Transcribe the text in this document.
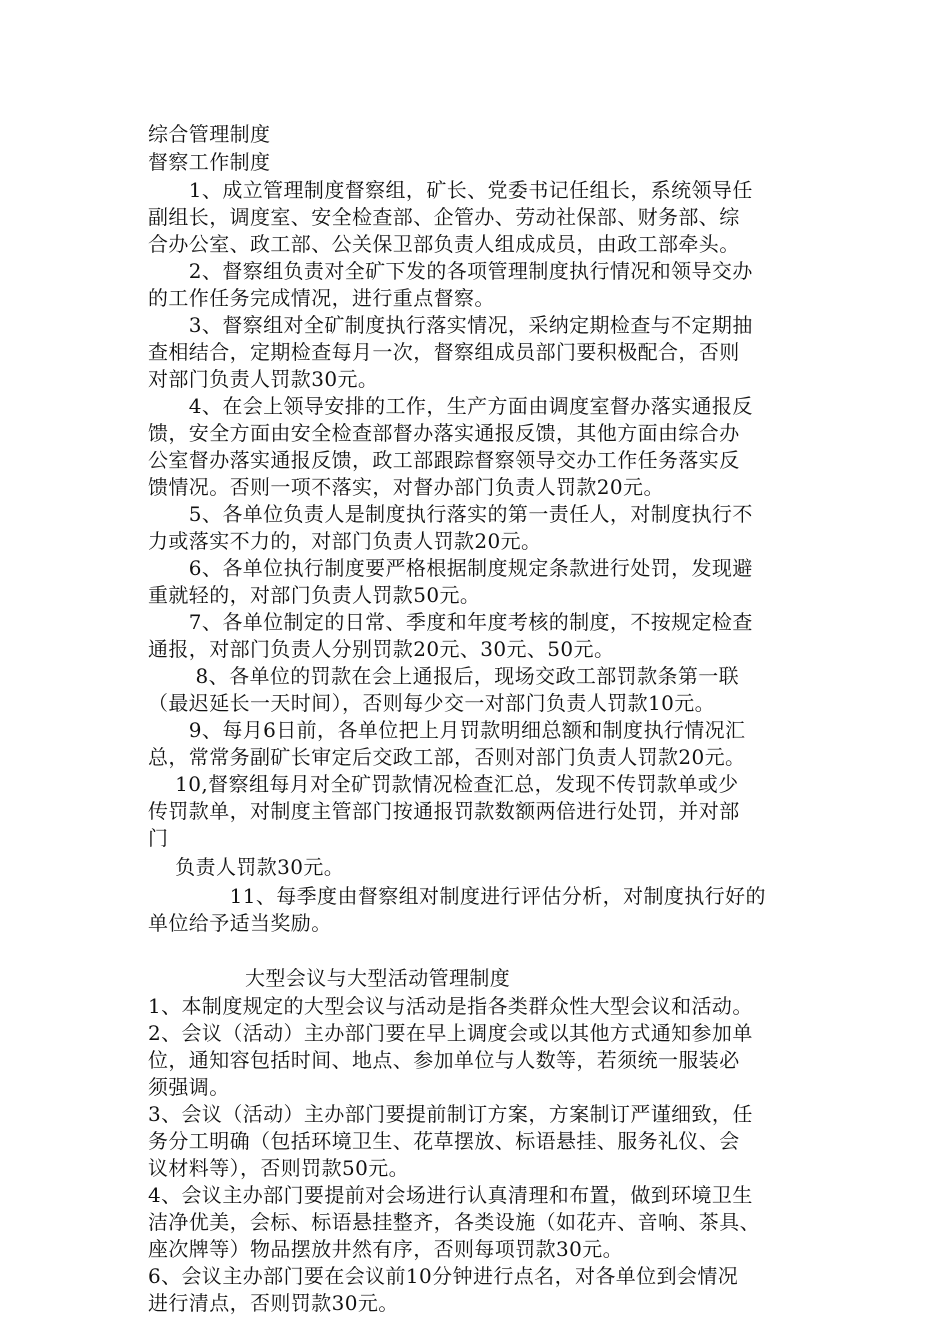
综合管理制度
督察工作制度
　　1、成立管理制度督察组，矿长、党委书记任组长，系统领导任
副组长，调度室、安全检查部、企管办、劳动社保部、财务部、综
合办公室、政工部、公关保卫部负责人组成成员，由政工部牵头。
　　2、督察组负责对全矿下发的各项管理制度执行情况和领导交办
的工作任务完成情况，进行重点督察。
　　3、督察组对全矿制度执行落实情况，采纳定期检查与不定期抽
查相结合，定期检查每月一次，督察组成员部门要积极配合，否则
对部门负责人罚款30元。
　　4、在会上领导安排的工作，生产方面由调度室督办落实通报反
馈，安全方面由安全检查部督办落实通报反馈，其他方面由综合办
公室督办落实通报反馈，政工部跟踪督察领导交办工作任务落实反
馈情况。否则一项不落实，对督办部门负责人罚款20元。
　　5、各单位负责人是制度执行落实的第一责任人，对制度执行不
力或落实不力的，对部门负责人罚款20元。
　　6、各单位执行制度要严格根据制度规定条款进行处罚，发现避
重就轻的，对部门负责人罚款50元。
　　7、各单位制定的日常、季度和年度考核的制度，不按规定检查
通报，对部门负责人分别罚款20元、30元、50元。
　　 8、各单位的罚款在会上通报后，现场交政工部罚款条第一联
（最迟延长一天时间），否则每少交一对部门负责人罚款10元。
　　9、每月6日前，各单位把上月罚款明细总额和制度执行情况汇
总，常常务副矿长审定后交政工部，否则对部门负责人罚款20元。
　 10,督察组每月对全矿罚款情况检查汇总，发现不传罚款单或少
传罚款单，对制度主管部门按通报罚款数额两倍进行处罚，并对部
门
　 负责人罚款30元。
　　　　11、每季度由督察组对制度进行评估分析，对制度执行好的
单位给予适当奖励。
大型会议与大型活动管理制度
1、本制度规定的大型会议与活动是指各类群众性大型会议和活动。
2、会议（活动）主办部门要在早上调度会或以其他方式通知参加单
位，通知容包括时间、地点、参加单位与人数等，若须统一服装必
须强调。
3、会议（活动）主办部门要提前制订方案，方案制订严谨细致，任
务分工明确（包括环境卫生、花草摆放、标语悬挂、服务礼仪、会
议材料等），否则罚款50元。
4、会议主办部门要提前对会场进行认真清理和布置，做到环境卫生
洁净优美，会标、标语悬挂整齐，各类设施（如花卉、音响、茶具、
座次牌等）物品摆放井然有序，否则每项罚款30元。
6、会议主办部门要在会议前10分钟进行点名，对各单位到会情况
进行清点，否则罚款30元。
